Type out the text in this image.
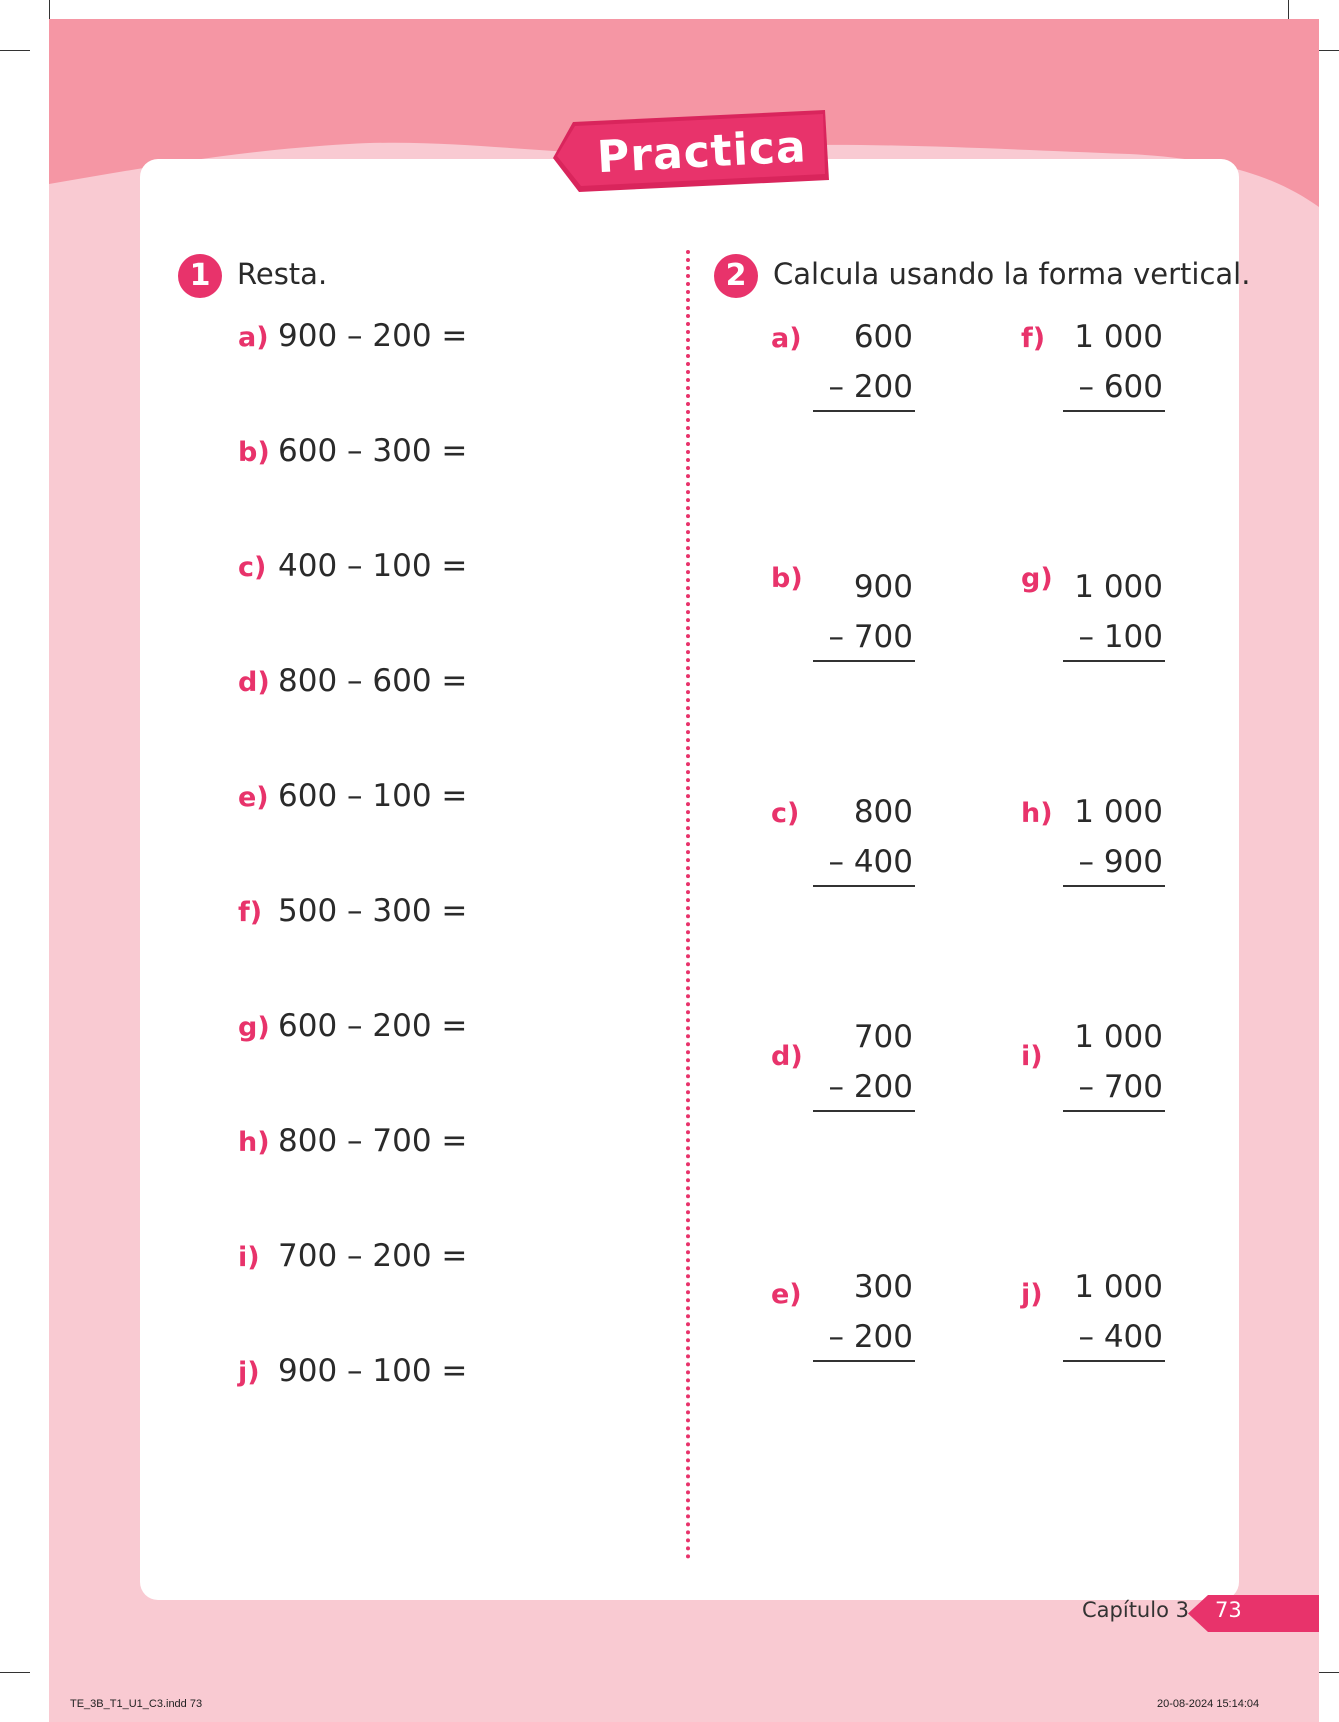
Practica
1 Resta.
a) 900 – 200 =
b) 600 – 300 =
c) 400 – 100 =
d) 800 – 600 =
e) 600 – 100 =
f) 500 – 300 =
g) 600 – 200 =
h) 800 – 700 =
i) 700 – 200 =
j) 900 – 100 =
2 Calcula usando la forma vertical.
a)	600
– 200
b)	900
– 700
c)	800
– 400
d)
700
– 200
e)	300
– 200
f) 1 000
– 600
g) 1 000
– 100
h) 1 000
– 900
i)
1 000
– 700
j)	1 000
– 400
Capítulo 3 73
TE_3B_T1_U1_C3.indd 73	20-08-2024 15:14:04
